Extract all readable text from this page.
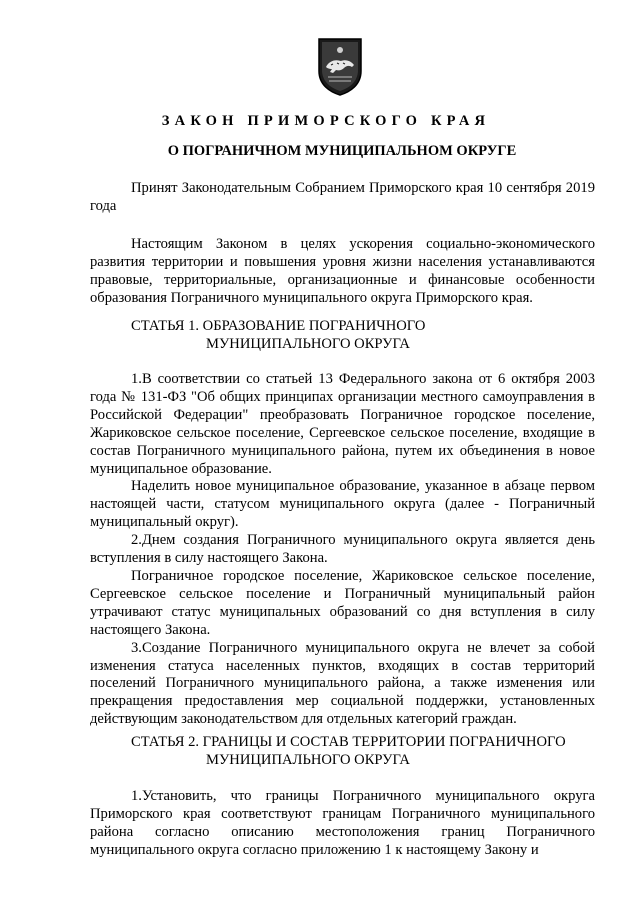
ЗАКОН ПРИМОРСКОГО КРАЯ
О ПОГРАНИЧНОМ МУНИЦИПАЛЬНОМ ОКРУГЕ
Принят Законодательным Собранием Приморского края 10 сентября 2019 года
Настоящим Законом в целях ускорения социально-экономического развития территории и повышения уровня жизни населения устанавливаются правовые, территориальные, организационные и финансовые особенности образования Пограничного муниципального округа Приморского края.
СТАТЬЯ 1. ОБРАЗОВАНИЕ ПОГРАНИЧНОГО
МУНИЦИПАЛЬНОГО ОКРУГА

1.В соответствии со статьей 13 Федерального закона от 6 октября 2003 года № 131-ФЗ "Об общих принципах организации местного самоуправления в Российской Федерации" преобразовать Пограничное городское поселение, Жариковское сельское поселение, Сергеевское сельское поселение, входящие в состав Пограничного муниципального района, путем их объединения в новое муниципальное образование.

Наделить новое муниципальное образование, указанное в абзаце первом настоящей части, статусом муниципального округа (далее - Пограничный муниципальный округ).

2.Днем создания Пограничного муниципального округа является день вступления в силу настоящего Закона.

Пограничное городское поселение, Жариковское сельское поселение, Сергеевское сельское поселение и Пограничный муниципальный район утрачивают статус муниципальных образований со дня вступления в силу настоящего Закона.

3.Создание Пограничного муниципального округа не влечет за собой изменения статуса населенных пунктов, входящих в состав территорий поселений Пограничного муниципального района, а также изменения или прекращения предоставления мер социальной поддержки, установленных действующим законодательством для отдельных категорий граждан.

СТАТЬЯ 2. ГРАНИЦЫ И СОСТАВ ТЕРРИТОРИИ ПОГРАНИЧНОГО
МУНИЦИПАЛЬНОГО ОКРУГА

1.Установить, что границы Пограничного муниципального округа Приморского края соответствуют границам Пограничного муниципального района согласно описанию местоположения границ Пограничного муниципального округа согласно приложению 1 к настоящему Закону и
